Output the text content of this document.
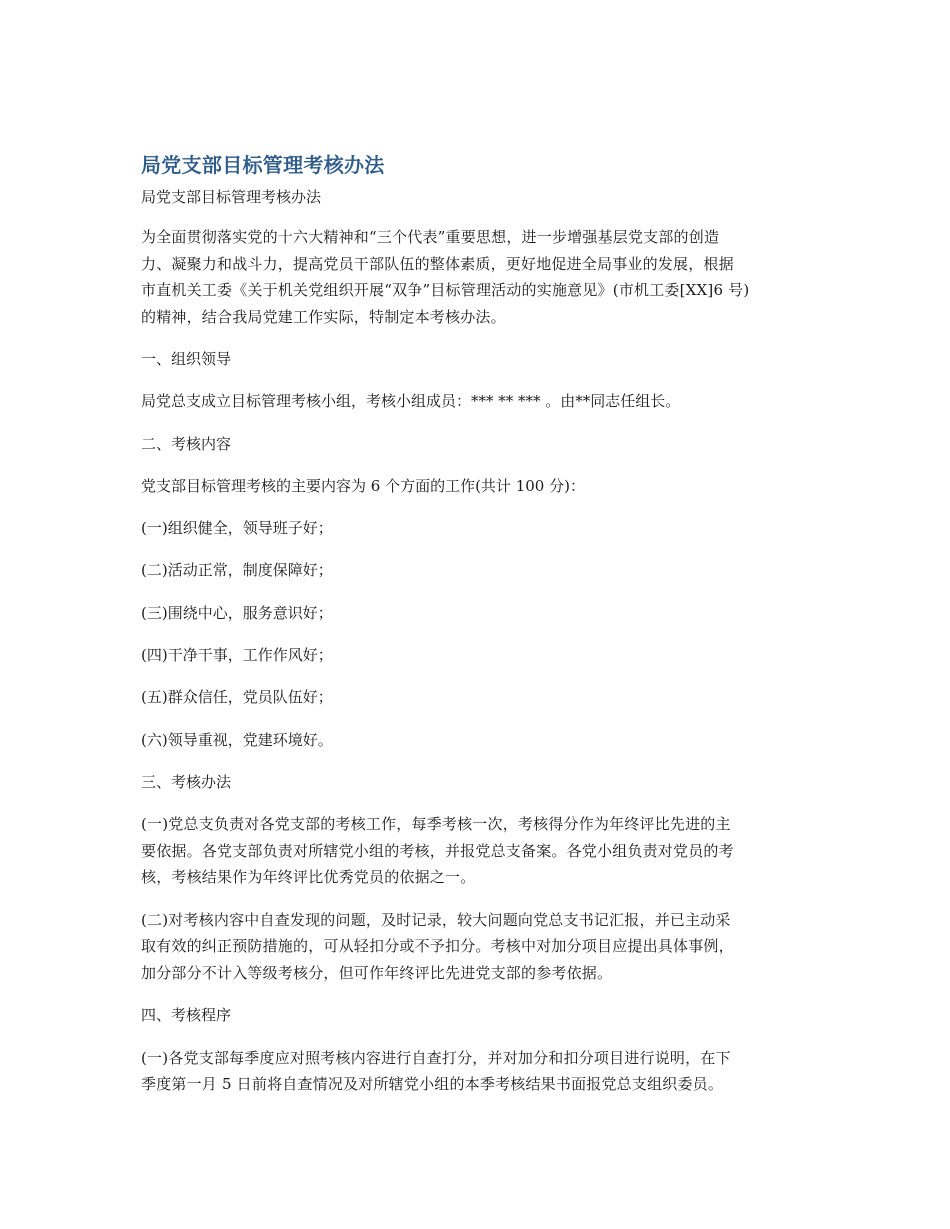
局党支部目标管理考核办法
局党支部目标管理考核办法
为全面贯彻落实党的十六大精神和“三个代表”重要思想，进一步增强基层党支部的创造
力、凝聚力和战斗力，提高党员干部队伍的整体素质，更好地促进全局事业的发展，根据
市直机关工委《关于机关党组织开展“双争”目标管理活动的实施意见》(市机工委[XX]6 号)
的精神，结合我局党建工作实际，特制定本考核办法。
一、组织领导
局党总支成立目标管理考核小组，考核小组成员：*** ** *** 。由**同志任组长。
二、考核内容
党支部目标管理考核的主要内容为 6 个方面的工作(共计 100 分)：
(一)组织健全，领导班子好；
(二)活动正常，制度保障好；
(三)围绕中心，服务意识好；
(四)干净干事，工作作风好；
(五)群众信任，党员队伍好；
(六)领导重视，党建环境好。
三、考核办法
(一)党总支负责对各党支部的考核工作，每季考核一次，考核得分作为年终评比先进的主
要依据。各党支部负责对所辖党小组的考核，并报党总支备案。各党小组负责对党员的考
核，考核结果作为年终评比优秀党员的依据之一。
(二)对考核内容中自查发现的问题，及时记录，较大问题向党总支书记汇报，并已主动采
取有效的纠正预防措施的，可从轻扣分或不予扣分。考核中对加分项目应提出具体事例，
加分部分不计入等级考核分，但可作年终评比先进党支部的参考依据。
四、考核程序
(一)各党支部每季度应对照考核内容进行自查打分，并对加分和扣分项目进行说明，在下
季度第一月 5 日前将自查情况及对所辖党小组的本季考核结果书面报党总支组织委员。
